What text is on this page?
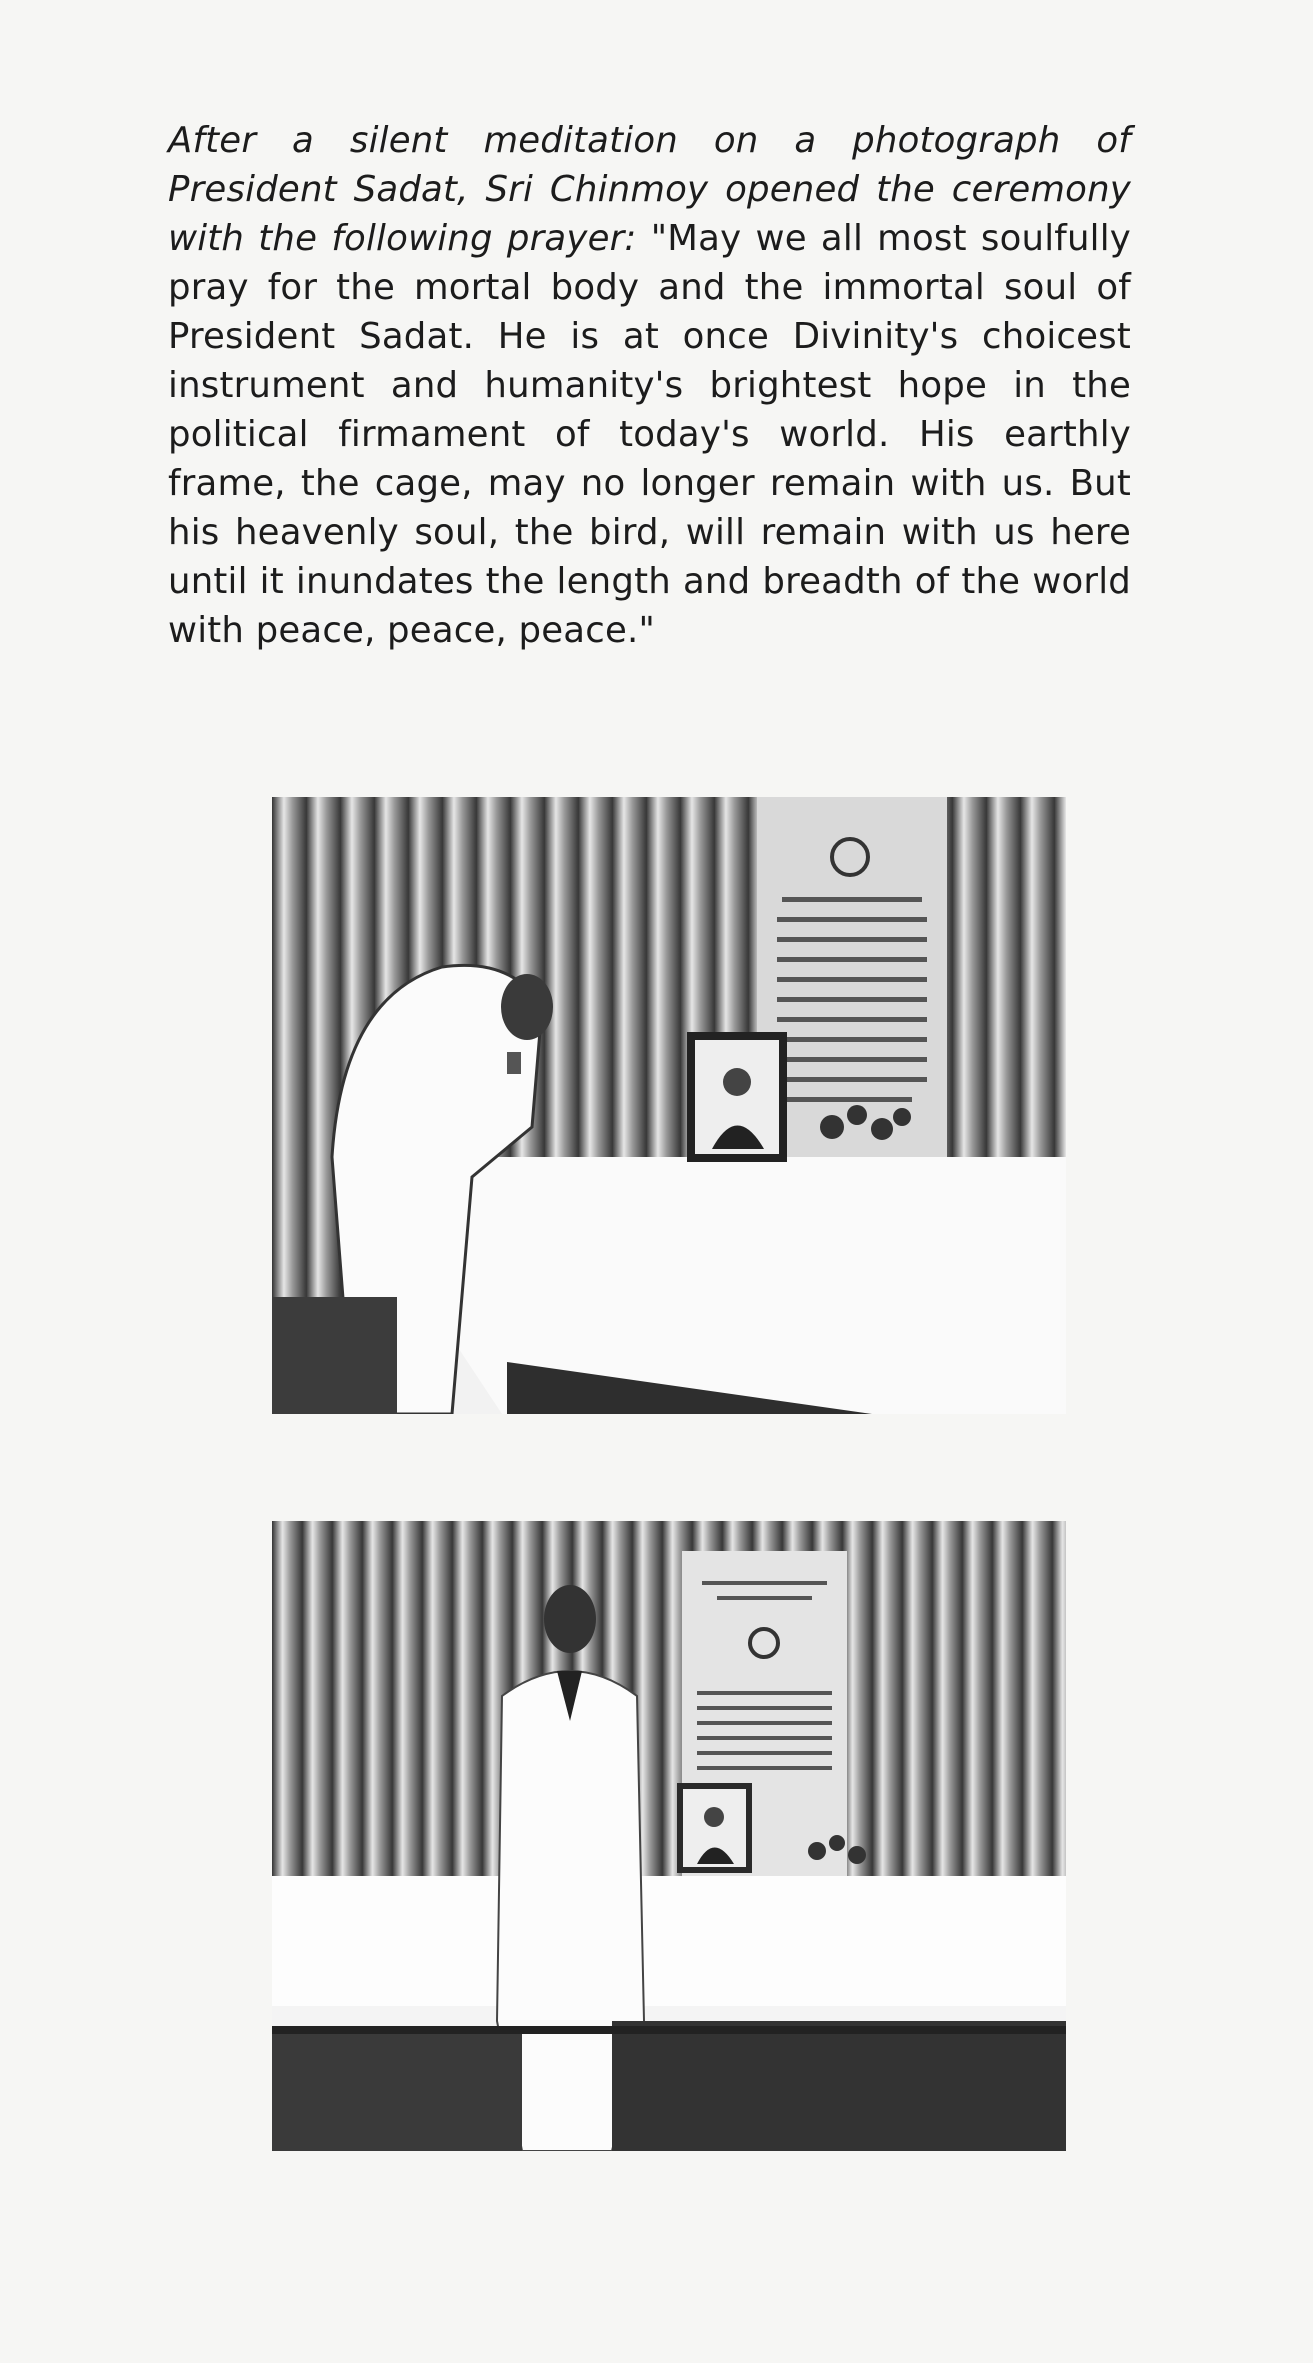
After a silent meditation on a photograph of President Sadat, Sri Chinmoy opened the ceremony with the following prayer: "May we all most soulfully pray for the mortal body and the immortal soul of President Sadat. He is at once Divinity's choicest instrument and humanity's brightest hope in the political firmament of today's world. His earthly frame, the cage, may no longer remain with us. But his heavenly soul, the bird, will remain with us here until it inundates the length and breadth of the world with peace, peace, peace."
